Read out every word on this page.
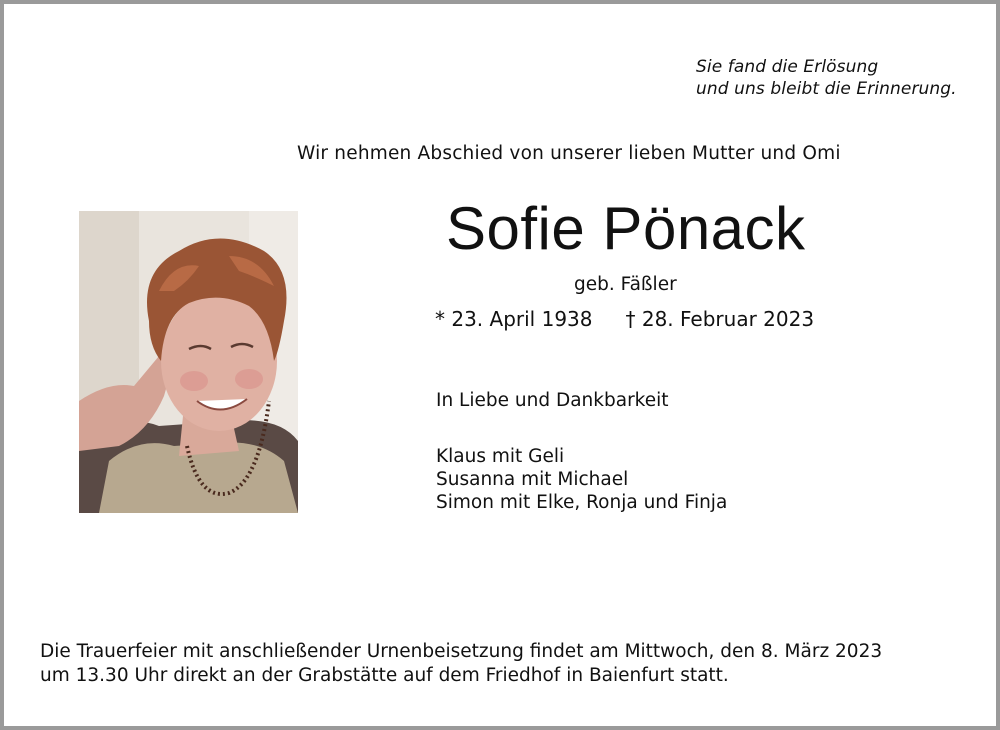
Sie fand die Erlösung
und uns bleibt die Erinnerung.
Wir nehmen Abschied von unserer lieben Mutter und Omi
Sofie Pönack
geb. Fäßler
* 23. April 1938 † 28. Februar 2023
In Liebe und Dankbarkeit
Klaus mit Geli
Susanna mit Michael
Simon mit Elke, Ronja und Finja
Die Trauerfeier mit anschließender Urnenbeisetzung findet am Mittwoch, den 8. März 2023
um 13.30 Uhr direkt an der Grabstätte auf dem Friedhof in Baienfurt statt.
